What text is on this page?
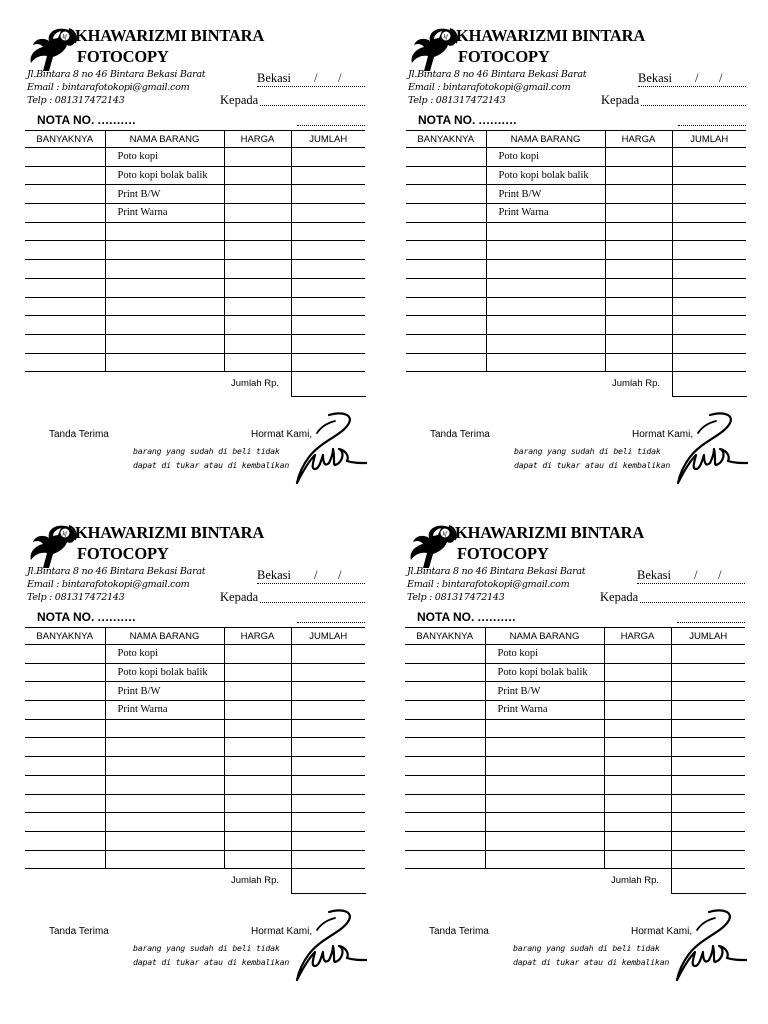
kf KHAWARIZMI BINTARA
FOTOCOPY
Jl.Bintara 8 no 46 Bintara Bekasi Barat
Email : bintarafotokopi@gmail.com
Telp : 081317472143
Bekasi / /
Kepada
NOTA NO. ..........
BANYAKNYA	NAMA BARANG	HARGA	JUMLAH
	Poto kopi		
	Poto kopi bolak balik		
	Print B/W		
	Print Warna		

Jumlah Rp.
Tanda Terima	Hormat Kami,
barang yang sudah di beli tidak
dapat di tukar atau di kembalikan
kf KHAWARIZMI BINTARA
FOTOCOPY
Jl.Bintara 8 no 46 Bintara Bekasi Barat
Email : bintarafotokopi@gmail.com
Telp : 081317472143
Bekasi / /
Kepada
NOTA NO. ..........
BANYAKNYA	NAMA BARANG	HARGA	JUMLAH
	Poto kopi		
	Poto kopi bolak balik		
	Print B/W		
	Print Warna		

Jumlah Rp.
Tanda Terima	Hormat Kami,
barang yang sudah di beli tidak
dapat di tukar atau di kembalikan
kf KHAWARIZMI BINTARA
FOTOCOPY
Jl.Bintara 8 no 46 Bintara Bekasi Barat
Email : bintarafotokopi@gmail.com
Telp : 081317472143
Bekasi / /
Kepada
NOTA NO. ..........
BANYAKNYA	NAMA BARANG	HARGA	JUMLAH
	Poto kopi		
	Poto kopi bolak balik		
	Print B/W		
	Print Warna		

Jumlah Rp.
Tanda Terima	Hormat Kami,
barang yang sudah di beli tidak
dapat di tukar atau di kembalikan
kf KHAWARIZMI BINTARA
FOTOCOPY
Jl.Bintara 8 no 46 Bintara Bekasi Barat
Email : bintarafotokopi@gmail.com
Telp : 081317472143
Bekasi / /
Kepada
NOTA NO. ..........
BANYAKNYA	NAMA BARANG	HARGA	JUMLAH
	Poto kopi		
	Poto kopi bolak balik		
	Print B/W		
	Print Warna		

Jumlah Rp.
Tanda Terima	Hormat Kami,
barang yang sudah di beli tidak
dapat di tukar atau di kembalikan
